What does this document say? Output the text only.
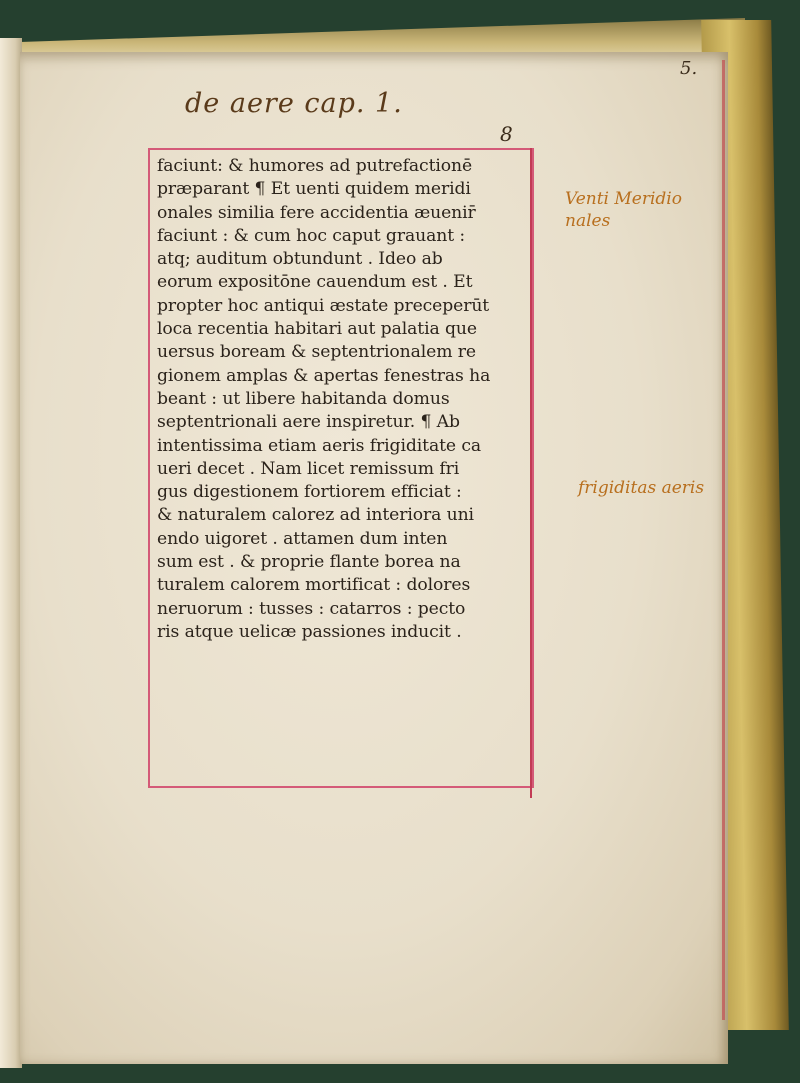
de aere cap. 1.
8
5.
faciunt: & humores ad putrefactionē
præparant ¶ Et uenti quidem meridi
onales similia fere accidentia æuenir̄
faciunt : & cum hoc caput grauant :
atq; auditum obtundunt . Ideo ab
eorum expositōne cauendum est . Et
propter hoc antiqui æstate preceperūt
loca recentia habitari aut palatia que
uersus boream & septentrionalem re
gionem amplas & apertas fenestras ha
beant : ut libere habitanda domus
septentrionali aere inspiretur. ¶ Ab
intentissima etiam aeris frigiditate ca
ueri decet . Nam licet remissum fri
gus digestionem fortiorem efficiat :
& naturalem calorez ad interiora uni
endo uigoret . attamen dum inten
sum est . & proprie flante borea na
turalem calorem mortificat : dolores
neruorum : tusses : catarros : pecto
ris atque uelicæ passiones inducit .
Venti Meridio nales
frigiditas aeris
